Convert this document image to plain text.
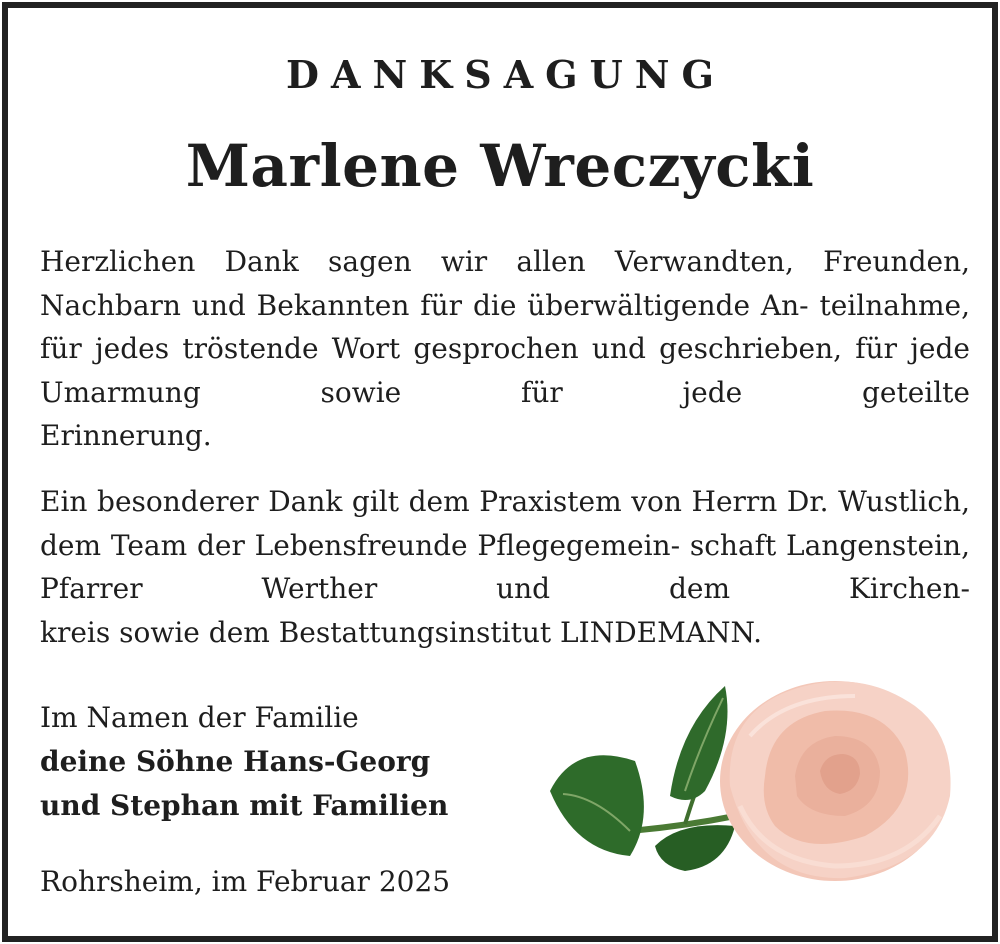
DANKSAGUNG
Marlene Wreczycki

Herzlichen Dank sagen wir allen Verwandten, Freunden, Nachbarn und Bekannten für die überwältigende An- teilnahme, für jedes tröstende Wort gesprochen und geschrieben, für jede Umarmung sowie für jede geteilte
Erinnerung.

Ein besonderer Dank gilt dem Praxistem von Herrn Dr. Wustlich, dem Team der Lebensfreunde Pflegegemein- schaft Langenstein, Pfarrer Werther und dem Kirchen-
kreis sowie dem Bestattungsinstitut LINDEMANN.

Im Namen der Familie
deine Söhne Hans-Georg
und Stephan mit Familien
Rohrsheim, im Februar 2025
